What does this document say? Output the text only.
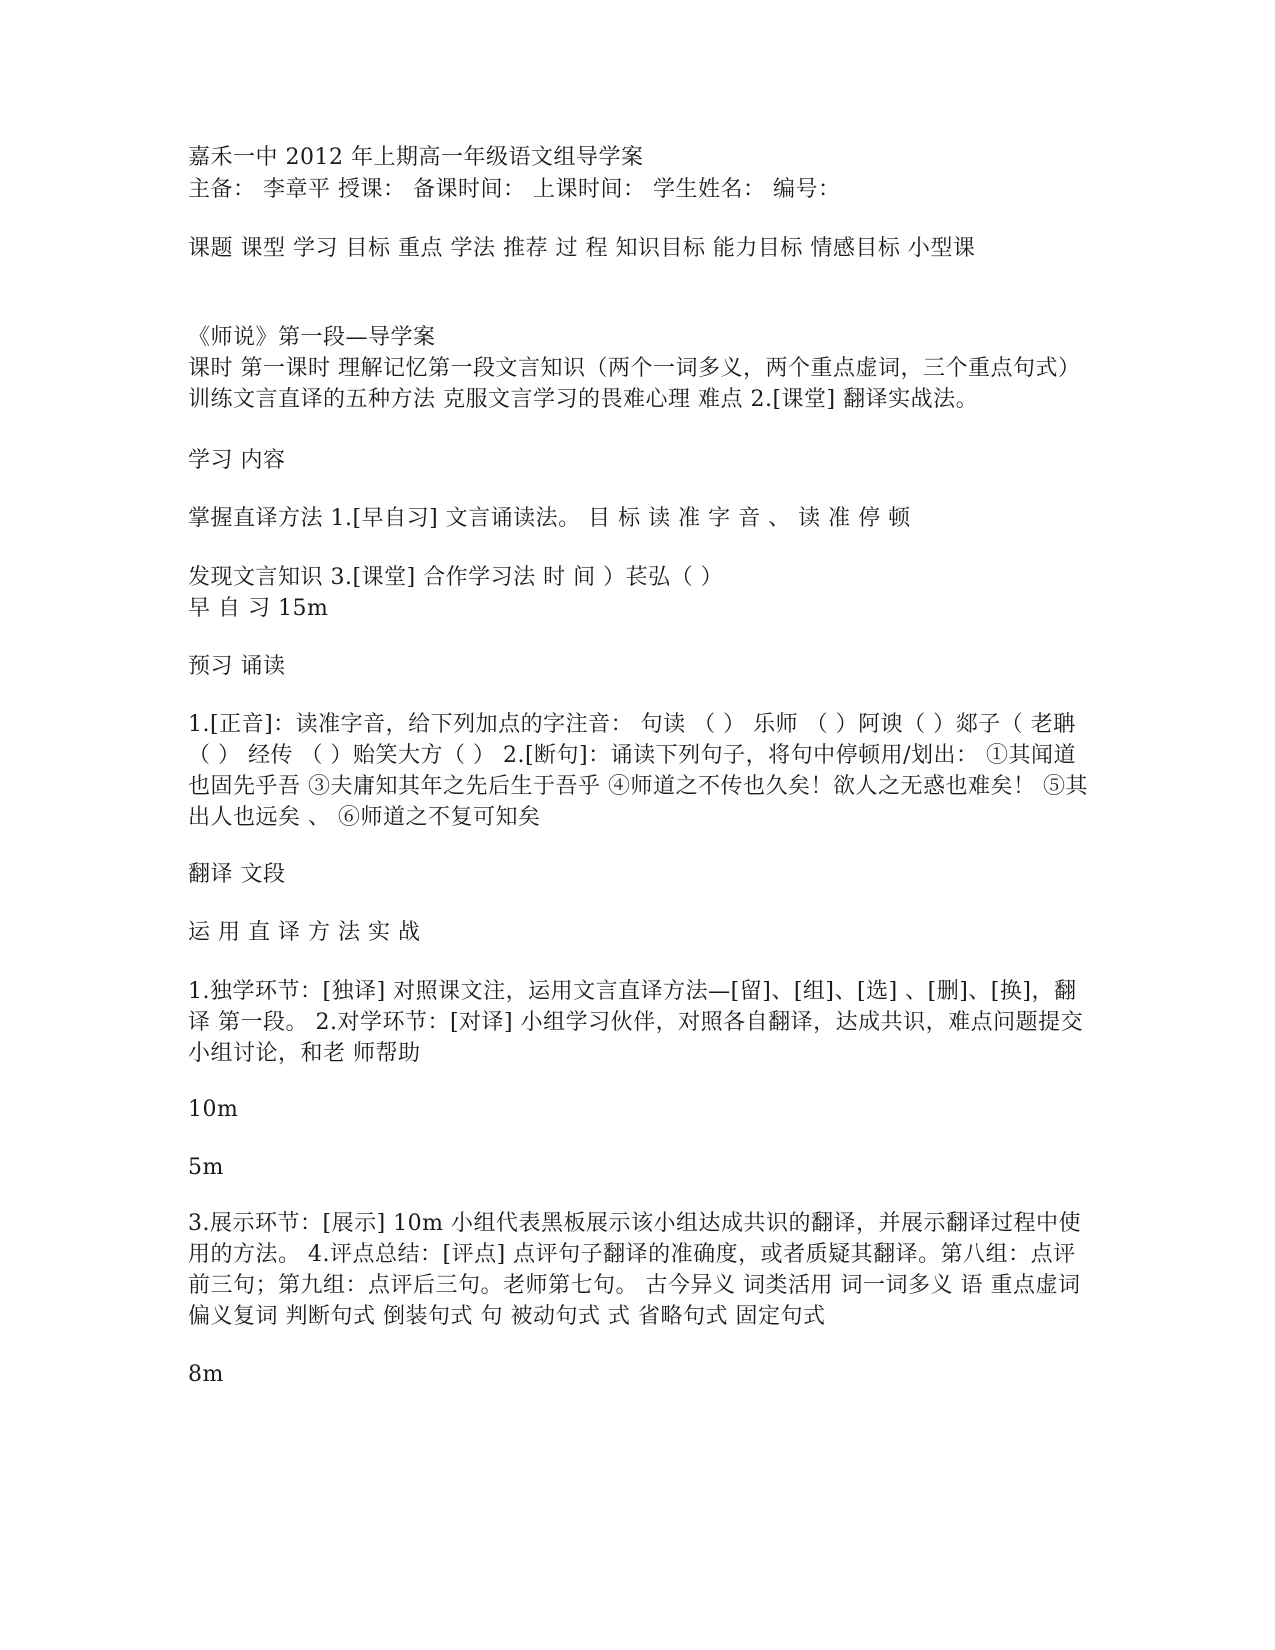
嘉禾一中 2012 年上期高一年级语文组导学案
主备： 李章平 授课： 备课时间： 上课时间： 学生姓名： 编号：
课题 课型 学习 目标 重点 学法 推荐 过 程 知识目标 能力目标 情感目标 小型课
《师说》第一段—导学案
课时 第一课时 理解记忆第一段文言知识（两个一词多义，两个重点虚词，三个重点句式） 训练文言直译的五种方法 克服文言学习的畏难心理 难点 2.[课堂] 翻译实战法。
学习 内容
掌握直译方法 1.[早自习] 文言诵读法。 目 标 读 准 字 音 、 读 准 停 顿
发现文言知识 3.[课堂] 合作学习法 时 间 ）苌弘（ ）
早 自 习 15m
预习 诵读
1.[正音]：读准字音，给下列加点的字注音： 句读 （ ） 乐师 （ ）阿谀（ ）郯子（ 老聃 （ ） 经传 （ ）贻笑大方（ ） 2.[断句]：诵读下列句子，将句中停顿用/划出： ①其闻道也固先乎吾 ③夫庸知其年之先后生于吾乎 ④师道之不传也久矣！欲人之无惑也难矣！ ⑤其出人也远矣 、 ⑥师道之不复可知矣
翻译 文段
运 用 直 译 方 法 实 战
1.独学环节：[独译] 对照课文注，运用文言直译方法—[留]、[组]、[选] 、[删]、[换]，翻译 第一段。 2.对学环节：[对译] 小组学习伙伴，对照各自翻译，达成共识，难点问题提交小组讨论，和老 师帮助
10m
5m
3.展示环节：[展示] 10m 小组代表黑板展示该小组达成共识的翻译，并展示翻译过程中使用的方法。 4.评点总结：[评点] 点评句子翻译的准确度，或者质疑其翻译。第八组：点评前三句；第九组：点评后三句。老师第七句。 古今异义 词类活用 词一词多义 语 重点虚词 偏义复词 判断句式 倒装句式 句 被动句式 式 省略句式 固定句式
8m
